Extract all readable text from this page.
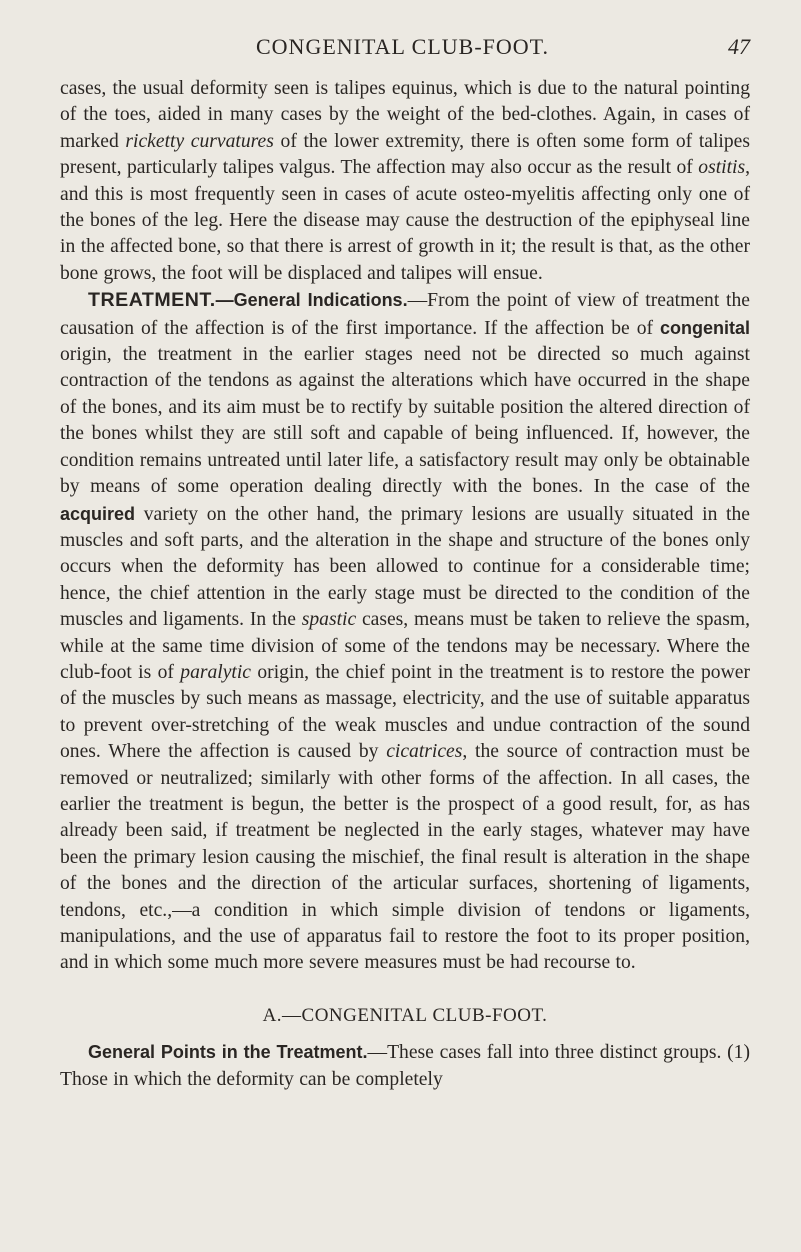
CONGENITAL CLUB-FOOT.	47

cases, the usual deformity seen is talipes equinus, which is due to the natural pointing of the toes, aided in many cases by the weight of the bed-clothes. Again, in cases of marked ricketty curvatures of the lower extremity, there is often some form of talipes present, particularly talipes valgus. The affection may also occur as the result of ostitis, and this is most frequently seen in cases of acute osteo-myelitis affecting only one of the bones of the leg. Here the disease may cause the destruction of the epiphyseal line in the affected bone, so that there is arrest of growth in it; the result is that, as the other bone grows, the foot will be displaced and talipes will ensue.

TREATMENT.—General Indications.—From the point of view of treatment the causation of the affection is of the first importance. If the affection be of congenital origin, the treatment in the earlier stages need not be directed so much against contraction of the tendons as against the alterations which have occurred in the shape of the bones, and its aim must be to rectify by suitable position the altered direction of the bones whilst they are still soft and capable of being influenced. If, however, the condition remains untreated until later life, a satisfactory result may only be obtainable by means of some operation dealing directly with the bones. In the case of the acquired variety on the other hand, the primary lesions are usually situated in the muscles and soft parts, and the alteration in the shape and structure of the bones only occurs when the deformity has been allowed to continue for a considerable time; hence, the chief attention in the early stage must be directed to the condition of the muscles and ligaments. In the spastic cases, means must be taken to relieve the spasm, while at the same time division of some of the tendons may be necessary. Where the club-foot is of paralytic origin, the chief point in the treatment is to restore the power of the muscles by such means as massage, electricity, and the use of suitable apparatus to prevent over-stretching of the weak muscles and undue contraction of the sound ones. Where the affection is caused by cicatrices, the source of contraction must be removed or neutralized; similarly with other forms of the affection. In all cases, the earlier the treatment is begun, the better is the prospect of a good result, for, as has already been said, if treatment be neglected in the early stages, whatever may have been the primary lesion causing the mischief, the final result is alteration in the shape of the bones and the direction of the articular surfaces, shortening of ligaments, tendons, etc.,—a condition in which simple division of tendons or ligaments, manipulations, and the use of apparatus fail to restore the foot to its proper position, and in which some much more severe measures must be had recourse to.

A.—CONGENITAL CLUB-FOOT.

General Points in the Treatment.—These cases fall into three distinct groups. (1) Those in which the deformity can be completely
